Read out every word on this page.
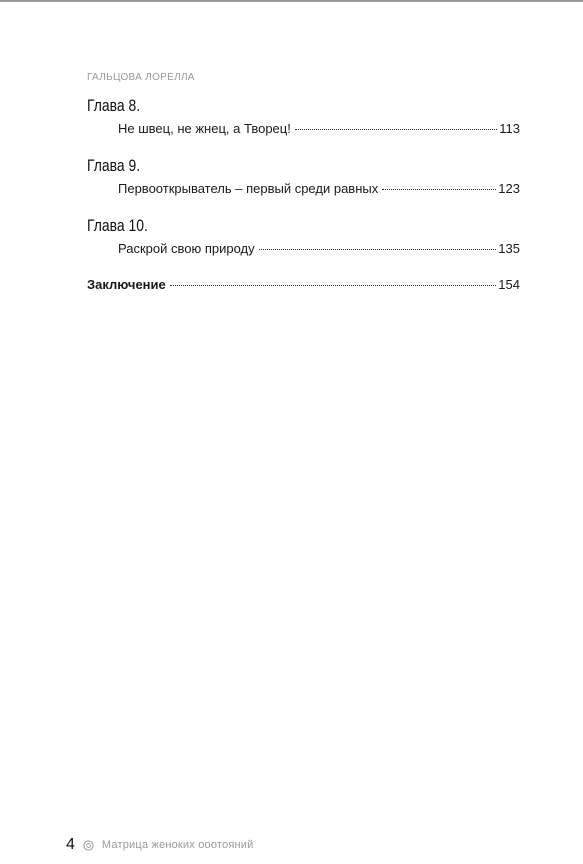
ГАЛЬЦОВА ЛОРЕЛЛА
Глава 8.
Не швец, не жнец, а Творец!	113
Глава 9.
Первооткрыватель – первый среди равных	123
Глава 10.
Раскрой свою природу	135
Заключение	154
4 Матрица женоких ооотояний
